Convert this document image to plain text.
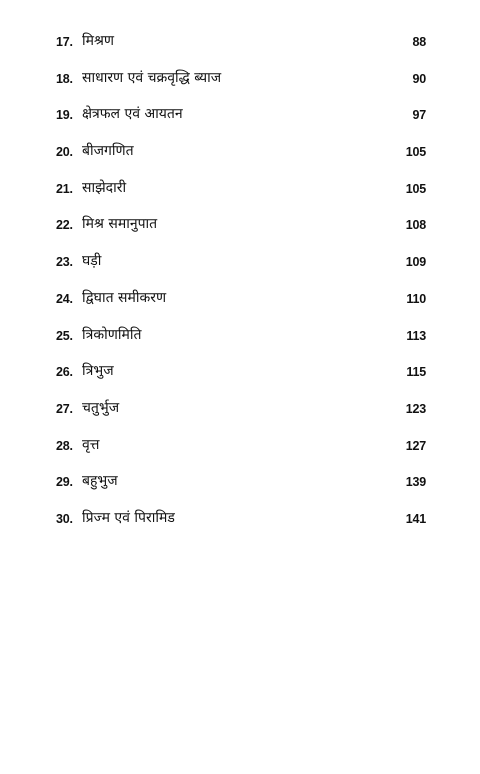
17. मिश्रण	88
18. साधारण एवं चक्रवृद्धि ब्याज	90
19. क्षेत्रफल एवं आयतन	97
20. बीजगणित	105
21. साझेदारी	105
22. मिश्र समानुपात	108
23. घड़ी	109
24. द्विघात समीकरण	110
25. त्रिकोणमिति	113
26. त्रिभुज	115
27. चतुर्भुज	123
28. वृत्त	127
29. बहुभुज	139
30. प्रिज्म एवं पिरामिड	141
